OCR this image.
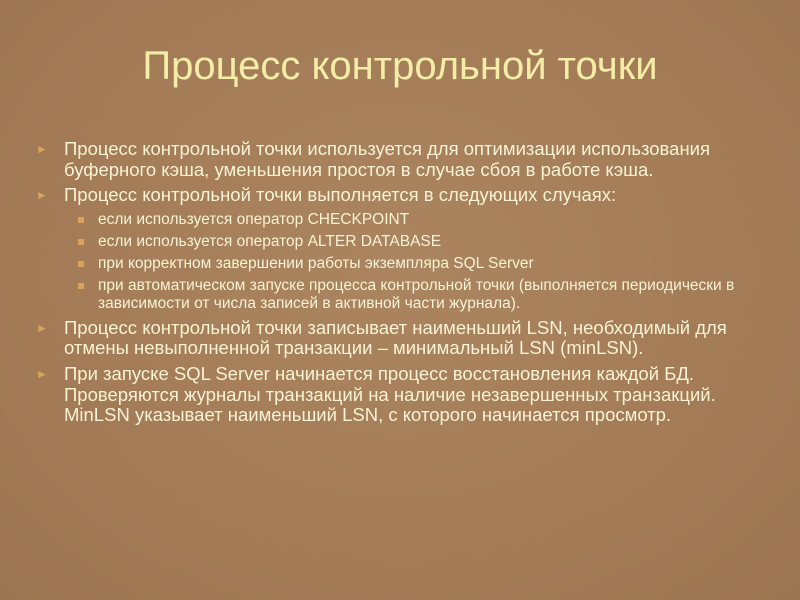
Процесс контрольной точки
► Процесс контрольной точки используется для оптимизации использования буферного кэша, уменьшения простоя в случае сбоя в работе кэша.
► Процесс контрольной точки выполняется в следующих случаях:
если используется оператор CHECKPOINT
если используется оператор ALTER DATABASE
при корректном завершении работы экземпляра SQL Server
при автоматическом запуске процесса контрольной точки (выполняется периодически в зависимости от числа записей в активной части журнала).
► Процесс контрольной точки записывает наименьший LSN, необходимый для отмены невыполненной транзакции – минимальный LSN (minLSN).
► При запуске SQL Server начинается процесс восстановления каждой БД. Проверяются журналы транзакций на наличие незавершенных транзакций. MinLSN указывает наименьший LSN, с которого начинается просмотр.
